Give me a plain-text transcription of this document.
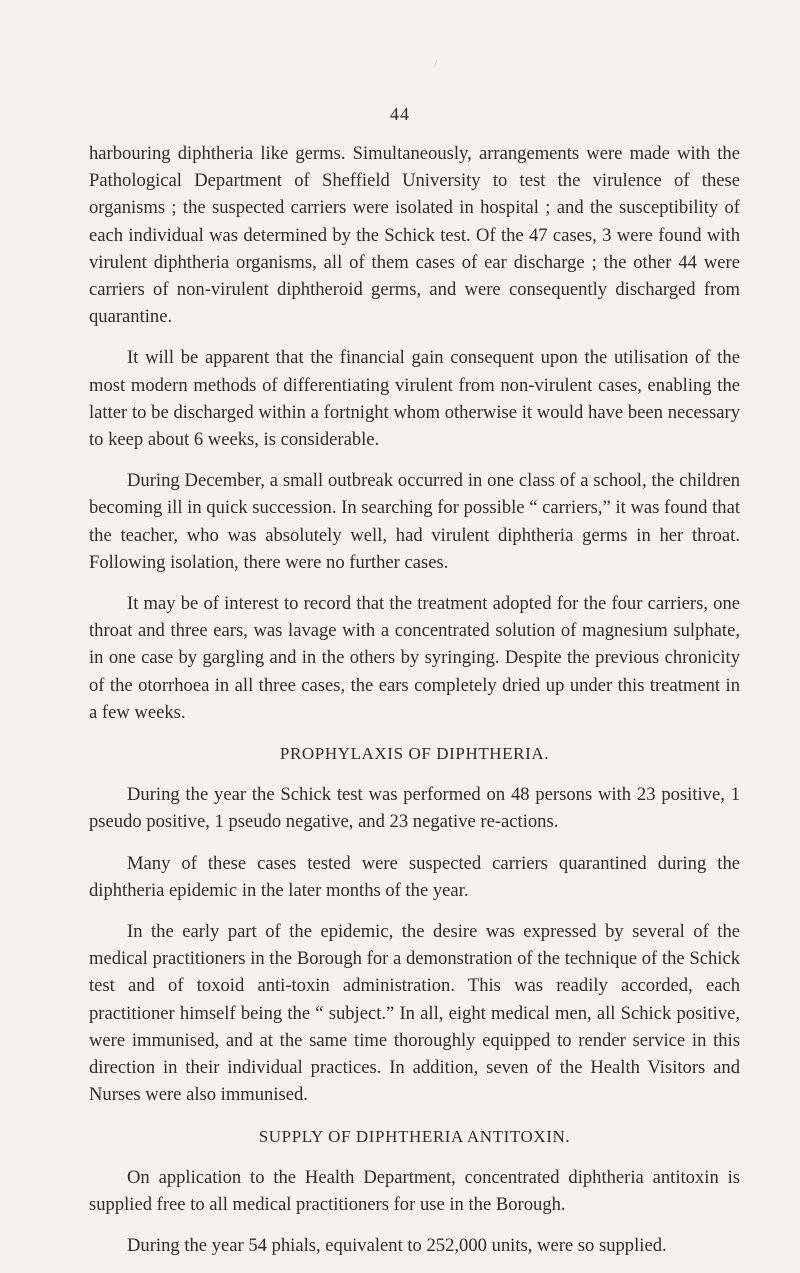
/
44

harbouring diphtheria like germs. Simultaneously, arrangements were made with the Pathological Department of Sheffield University to test the virulence of these organisms ; the suspected carriers were isolated in hospital ; and the susceptibility of each individual was determined by the Schick test. Of the 47 cases, 3 were found with virulent diphtheria organisms, all of them cases of ear discharge ; the other 44 were carriers of non-virulent diphtheroid germs, and were consequently discharged from quarantine.

It will be apparent that the financial gain consequent upon the utilisation of the most modern methods of differentiating virulent from non-virulent cases, enabling the latter to be discharged within a fortnight whom otherwise it would have been necessary to keep about 6 weeks, is considerable.

During December, a small outbreak occurred in one class of a school, the children becoming ill in quick succession. In searching for possible “ carriers,” it was found that the teacher, who was absolutely well, had virulent diphtheria germs in her throat. Following isolation, there were no further cases.

It may be of interest to record that the treatment adopted for the four carriers, one throat and three ears, was lavage with a concentrated solution of magnesium sulphate, in one case by gargling and in the others by syringing. Despite the previous chronicity of the otorrhoea in all three cases, the ears completely dried up under this treatment in a few weeks.

PROPHYLAXIS OF DIPHTHERIA.

During the year the Schick test was performed on 48 persons with 23 positive, 1 pseudo positive, 1 pseudo negative, and 23 negative re-actions.

Many of these cases tested were suspected carriers quarantined during the diphtheria epidemic in the later months of the year.

In the early part of the epidemic, the desire was expressed by several of the medical practitioners in the Borough for a demonstration of the technique of the Schick test and of toxoid anti-toxin administration. This was readily accorded, each practitioner himself being the “ subject.” In all, eight medical men, all Schick positive, were immunised, and at the same time thoroughly equipped to render service in this direction in their individual practices. In addition, seven of the Health Visitors and Nurses were also immunised.

SUPPLY OF DIPHTHERIA ANTITOXIN.

On application to the Health Department, concentrated diphtheria antitoxin is supplied free to all medical practitioners for use in the Borough.

During the year 54 phials, equivalent to 252,000 units, were so supplied.
